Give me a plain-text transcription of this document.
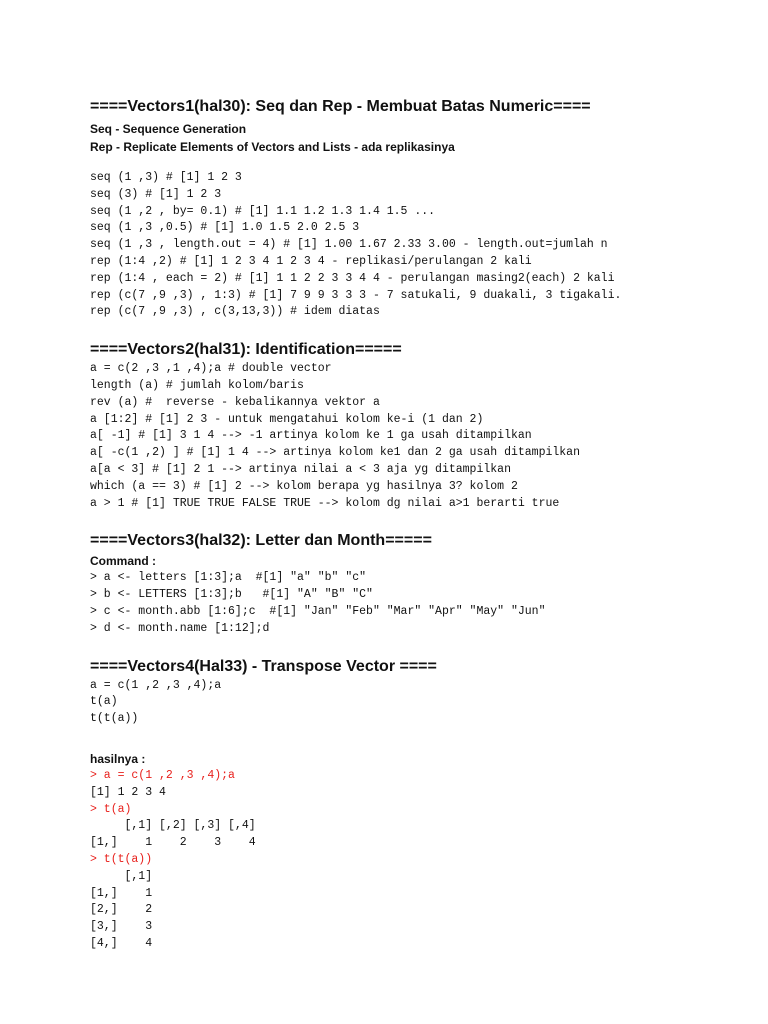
====Vectors1(hal30): Seq dan Rep - Membuat Batas Numeric====
Seq - Sequence Generation
Rep - Replicate Elements of Vectors and Lists - ada replikasinya
seq (1 ,3) # [1] 1 2 3
seq (3) # [1] 1 2 3
seq (1 ,2 , by= 0.1) # [1] 1.1 1.2 1.3 1.4 1.5 ...
seq (1 ,3 ,0.5) # [1] 1.0 1.5 2.0 2.5 3
seq (1 ,3 , length.out = 4) # [1] 1.00 1.67 2.33 3.00 - length.out=jumlah n
rep (1:4 ,2) # [1] 1 2 3 4 1 2 3 4 - replikasi/perulangan 2 kali
rep (1:4 , each = 2) # [1] 1 1 2 2 3 3 4 4 - perulangan masing2(each) 2 kali
rep (c(7 ,9 ,3) , 1:3) # [1] 7 9 9 3 3 3 - 7 satukali, 9 duakali, 3 tigakali.
rep (c(7 ,9 ,3) , c(3,13,3)) # idem diatas
====Vectors2(hal31): Identification=====
a = c(2 ,3 ,1 ,4);a # double vector
length (a) # jumlah kolom/baris
rev (a) #  reverse - kebalikannya vektor a
a [1:2] # [1] 2 3 - untuk mengatahui kolom ke-i (1 dan 2)
a[ -1] # [1] 3 1 4 --> -1 artinya kolom ke 1 ga usah ditampilkan
a[ -c(1 ,2) ] # [1] 1 4 --> artinya kolom ke1 dan 2 ga usah ditampilkan
a[a < 3] # [1] 2 1 --> artinya nilai a < 3 aja yg ditampilkan
which (a == 3) # [1] 2 --> kolom berapa yg hasilnya 3? kolom 2
a > 1 # [1] TRUE TRUE FALSE TRUE --> kolom dg nilai a>1 berarti true
====Vectors3(hal32): Letter dan Month=====
Command :
> a <- letters [1:3];a  #[1] "a" "b" "c"
> b <- LETTERS [1:3];b   #[1] "A" "B" "C"
> c <- month.abb [1:6];c  #[1] "Jan" "Feb" "Mar" "Apr" "May" "Jun"
> d <- month.name [1:12];d
====Vectors4(Hal33) - Transpose Vector ====
a = c(1 ,2 ,3 ,4);a
t(a)
t(t(a))
hasilnya :
> a = c(1 ,2 ,3 ,4);a
[1] 1 2 3 4
> t(a)
[,1] [,2] [,3] [,4]
[1,]    1    2    3    4
> t(t(a))
[,1]
[1,]    1
[2,]    2
[3,]    3
[4,]    4
